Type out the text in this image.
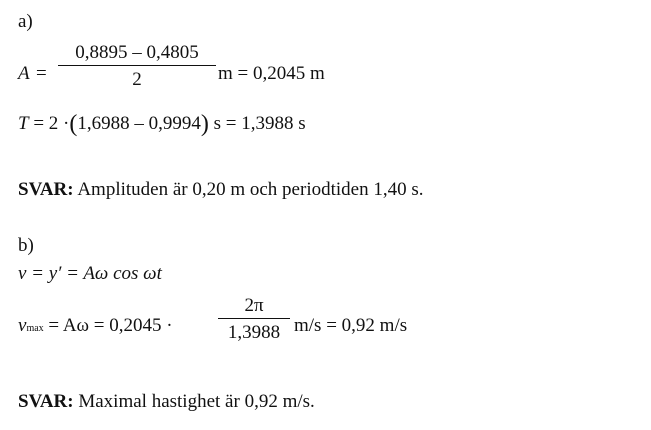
a)
A =
0,8895 – 0,4805
2	m = 0,2045 m
T = 2 ·(1,6988 – 0,9994) s = 1,3988 s
SVAR: Amplituden är 0,20 m och periodtiden 1,40 s.
b)
v = y′ = Aω cos ωt
vmax = Aω = 0,2045 ·
2π
1,3988 m/s = 0,92 m/s
SVAR: Maximal hastighet är 0,92 m/s.
